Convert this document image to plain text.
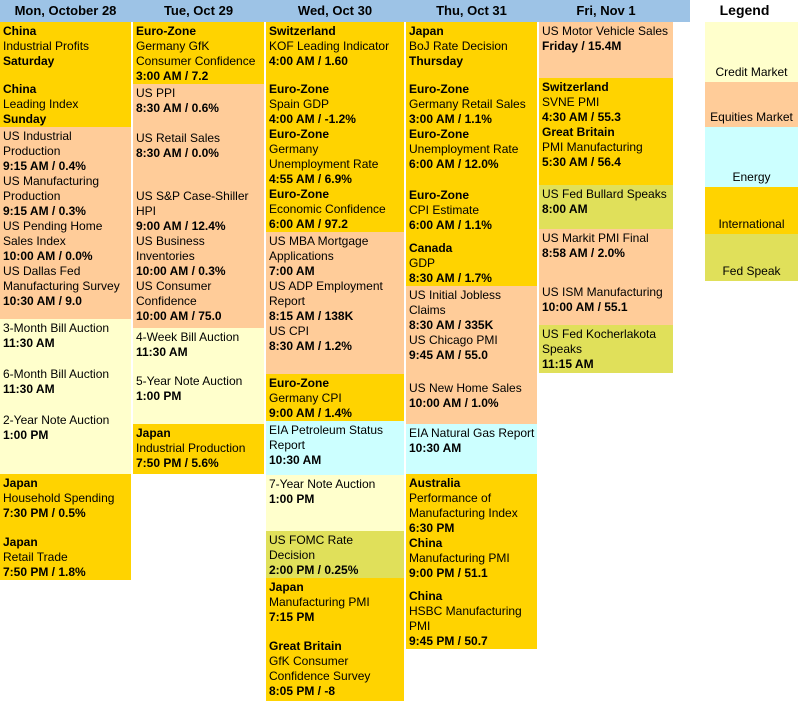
Mon, October 28
China
Industrial Profits
Saturday
China
Leading Index
Sunday
US Industrial Production
9:15 AM / 0.4%
US Manufacturing Production
9:15 AM / 0.3%
US Pending Home Sales Index
10:00 AM / 0.0%
US Dallas Fed Manufacturing Survey
10:30 AM / 9.0
3-Month Bill Auction
11:30 AM
6-Month Bill Auction
11:30 AM
2-Year Note Auction
1:00 PM
Japan
Household Spending
7:30 PM / 0.5%
Japan
Retail Trade
7:50 PM / 1.8%
Tue, Oct 29
Euro-Zone
Germany GfK Consumer Confidence
3:00 AM / 7.2
US PPI
8:30 AM / 0.6%
US Retail Sales
8:30 AM / 0.0%
US S&P Case-Shiller HPI
9:00 AM / 12.4%
US Business Inventories
10:00 AM / 0.3%
US Consumer Confidence
10:00 AM / 75.0
4-Week Bill Auction
11:30 AM
5-Year Note Auction
1:00 PM
Japan
Industrial Production
7:50 PM / 5.6%
Wed, Oct 30
Switzerland
KOF Leading Indicator
4:00 AM / 1.60
Euro-Zone
Spain GDP
4:00 AM / -1.2%
Euro-Zone
Germany Unemployment Rate
4:55 AM / 6.9%
Euro-Zone
Economic Confidence
6:00 AM / 97.2
US MBA Mortgage Applications
7:00 AM
US ADP Employment Report
8:15 AM / 138K
US CPI
8:30 AM / 1.2%
Euro-Zone
Germany CPI
9:00 AM / 1.4%
EIA Petroleum Status Report
10:30 AM
7-Year Note Auction
1:00 PM
US FOMC Rate Decision
2:00 PM / 0.25%
Japan
Manufacturing PMI
7:15 PM
Great Britain
GfK Consumer Confidence Survey
8:05 PM / -8
Thu, Oct 31
Japan
BoJ Rate Decision
Thursday
Euro-Zone
Germany Retail Sales
3:00 AM / 1.1%
Euro-Zone
Unemployment Rate
6:00 AM / 12.0%
Euro-Zone
CPI Estimate
6:00 AM / 1.1%
Canada
GDP
8:30 AM / 1.7%
US Initial Jobless Claims
8:30 AM / 335K
US Chicago PMI
9:45 AM / 55.0
US New Home Sales
10:00 AM / 1.0%
EIA Natural Gas Report
10:30 AM
Australia
Performance of Manufacturing Index
6:30 PM
China
Manufacturing PMI
9:00 PM / 51.1
China
HSBC Manufacturing PMI
9:45 PM / 50.7
Fri, Nov 1
US Motor Vehicle Sales
Friday / 15.4M
Switzerland
SVNE PMI
4:30 AM / 55.3
Great Britain
PMI Manufacturing
5:30 AM / 56.4
US Fed Bullard Speaks
8:00 AM
US Markit PMI Final
8:58 AM / 2.0%
US ISM Manufacturing
10:00 AM / 55.1
US Fed Kocherlakota Speaks
11:15 AM
Legend
Credit Market
Equities Market
Energy
International
Fed Speak
